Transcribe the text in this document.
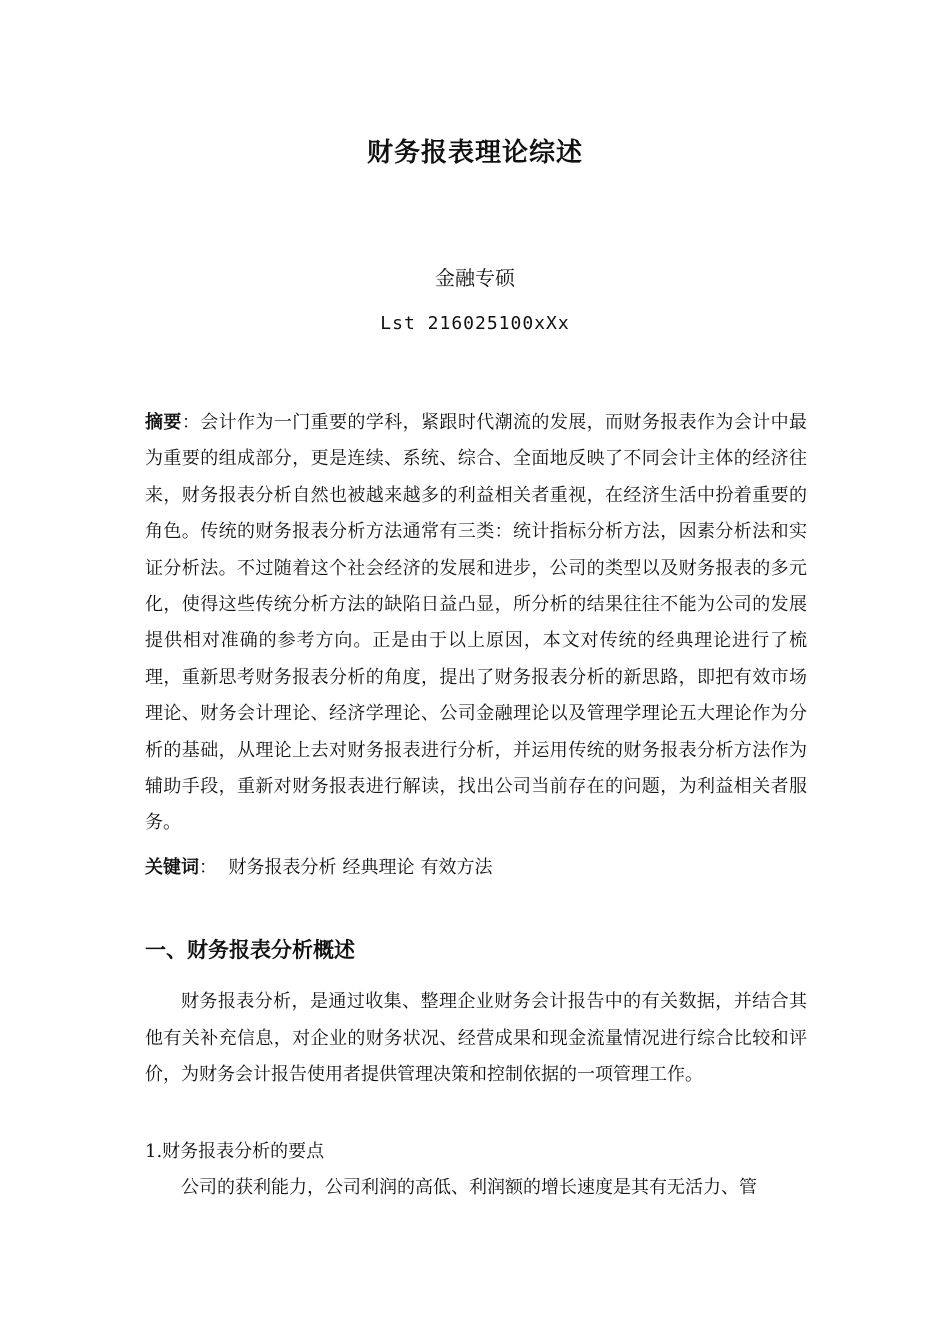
财务报表理论综述
金融专硕
Lst 216025100xXx
摘要：会计作为一门重要的学科，紧跟时代潮流的发展，而财务报表作为会计中最为重要的组成部分，更是连续、系统、综合、全面地反映了不同会计主体的经济往来，财务报表分析自然也被越来越多的利益相关者重视，在经济生活中扮着重要的角色。传统的财务报表分析方法通常有三类：统计指标分析方法，因素分析法和实证分析法。不过随着这个社会经济的发展和进步，公司的类型以及财务报表的多元化，使得这些传统分析方法的缺陷日益凸显，所分析的结果往往不能为公司的发展提供相对准确的参考方向。正是由于以上原因，本文对传统的经典理论进行了梳理，重新思考财务报表分析的角度，提出了财务报表分析的新思路，即把有效市场理论、财务会计理论、经济学理论、公司金融理论以及管理学理论五大理论作为分析的基础，从理论上去对财务报表进行分析，并运用传统的财务报表分析方法作为辅助手段，重新对财务报表进行解读，找出公司当前存在的问题，为利益相关者服务。
关键词： 财务报表分析 经典理论 有效方法
一、财务报表分析概述
财务报表分析，是通过收集、整理企业财务会计报告中的有关数据，并结合其他有关补充信息，对企业的财务状况、经营成果和现金流量情况进行综合比较和评价，为财务会计报告使用者提供管理决策和控制依据的一项管理工作。
1.财务报表分析的要点
公司的获利能力，公司利润的高低、利润额的增长速度是其有无活力、管
